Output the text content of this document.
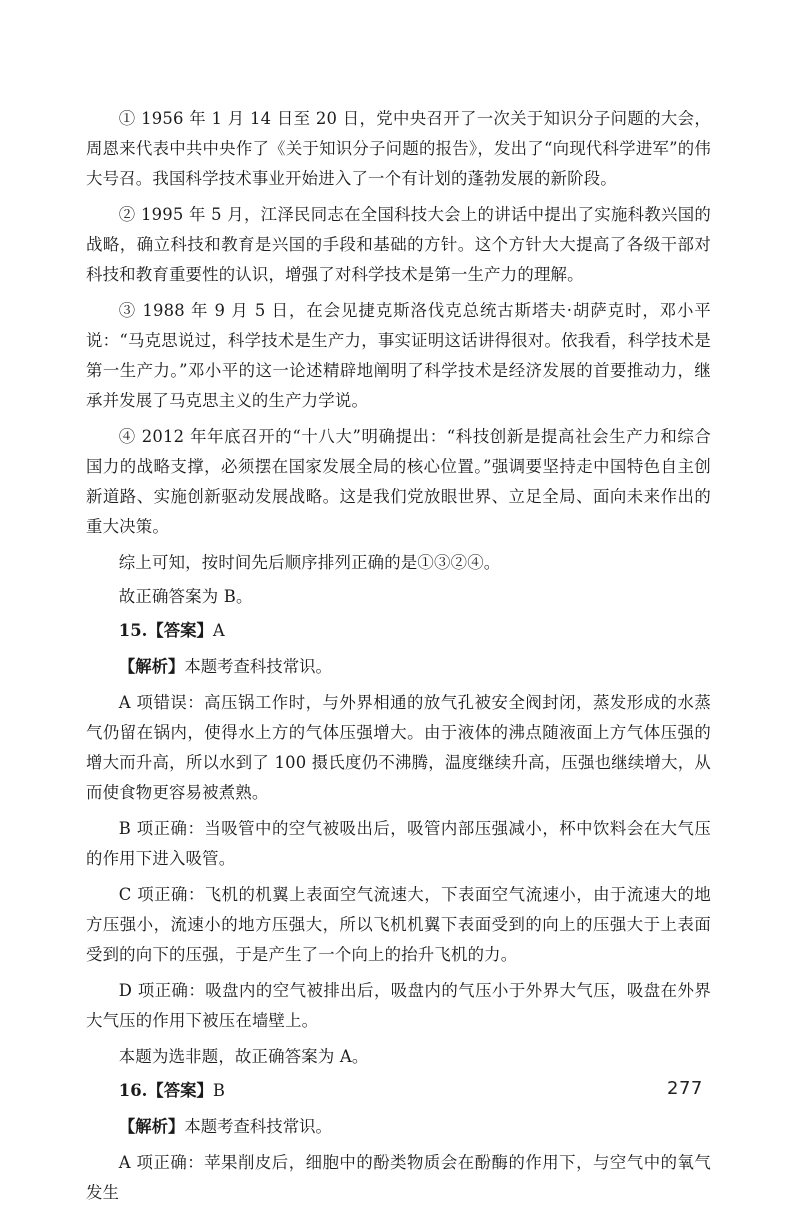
① 1956 年 1 月 14 日至 20 日，党中央召开了一次关于知识分子问题的大会，周恩来代表中共中央作了《关于知识分子问题的报告》，发出了“向现代科学进军”的伟大号召。我国科学技术事业开始进入了一个有计划的蓬勃发展的新阶段。

② 1995 年 5 月，江泽民同志在全国科技大会上的讲话中提出了实施科教兴国的战略，确立科技和教育是兴国的手段和基础的方针。这个方针大大提高了各级干部对科技和教育重要性的认识，增强了对科学技术是第一生产力的理解。

③ 1988 年 9 月 5 日，在会见捷克斯洛伐克总统古斯塔夫·胡萨克时，邓小平说：“马克思说过，科学技术是生产力，事实证明这话讲得很对。依我看，科学技术是第一生产力。”邓小平的这一论述精辟地阐明了科学技术是经济发展的首要推动力，继承并发展了马克思主义的生产力学说。

④ 2012 年年底召开的“十八大”明确提出：“科技创新是提高社会生产力和综合国力的战略支撑，必须摆在国家发展全局的核心位置。”强调要坚持走中国特色自主创新道路、实施创新驱动发展战略。这是我们党放眼世界、立足全局、面向未来作出的重大决策。

综上可知，按时间先后顺序排列正确的是①③②④。

故正确答案为 B。

15.【答案】A

【解析】本题考查科技常识。

A 项错误：高压锅工作时，与外界相通的放气孔被安全阀封闭，蒸发形成的水蒸气仍留在锅内，使得水上方的气体压强增大。由于液体的沸点随液面上方气体压强的增大而升高，所以水到了 100 摄氏度仍不沸腾，温度继续升高，压强也继续增大，从而使食物更容易被煮熟。

B 项正确：当吸管中的空气被吸出后，吸管内部压强减小，杯中饮料会在大气压的作用下进入吸管。

C 项正确：飞机的机翼上表面空气流速大，下表面空气流速小，由于流速大的地方压强小，流速小的地方压强大，所以飞机机翼下表面受到的向上的压强大于上表面受到的向下的压强，于是产生了一个向上的抬升飞机的力。

D 项正确：吸盘内的空气被排出后，吸盘内的气压小于外界大气压，吸盘在外界大气压的作用下被压在墙壁上。

本题为选非题，故正确答案为 A。

16.【答案】B

【解析】本题考查科技常识。

A 项正确：苹果削皮后，细胞中的酚类物质会在酚酶的作用下，与空气中的氧气发生

277
